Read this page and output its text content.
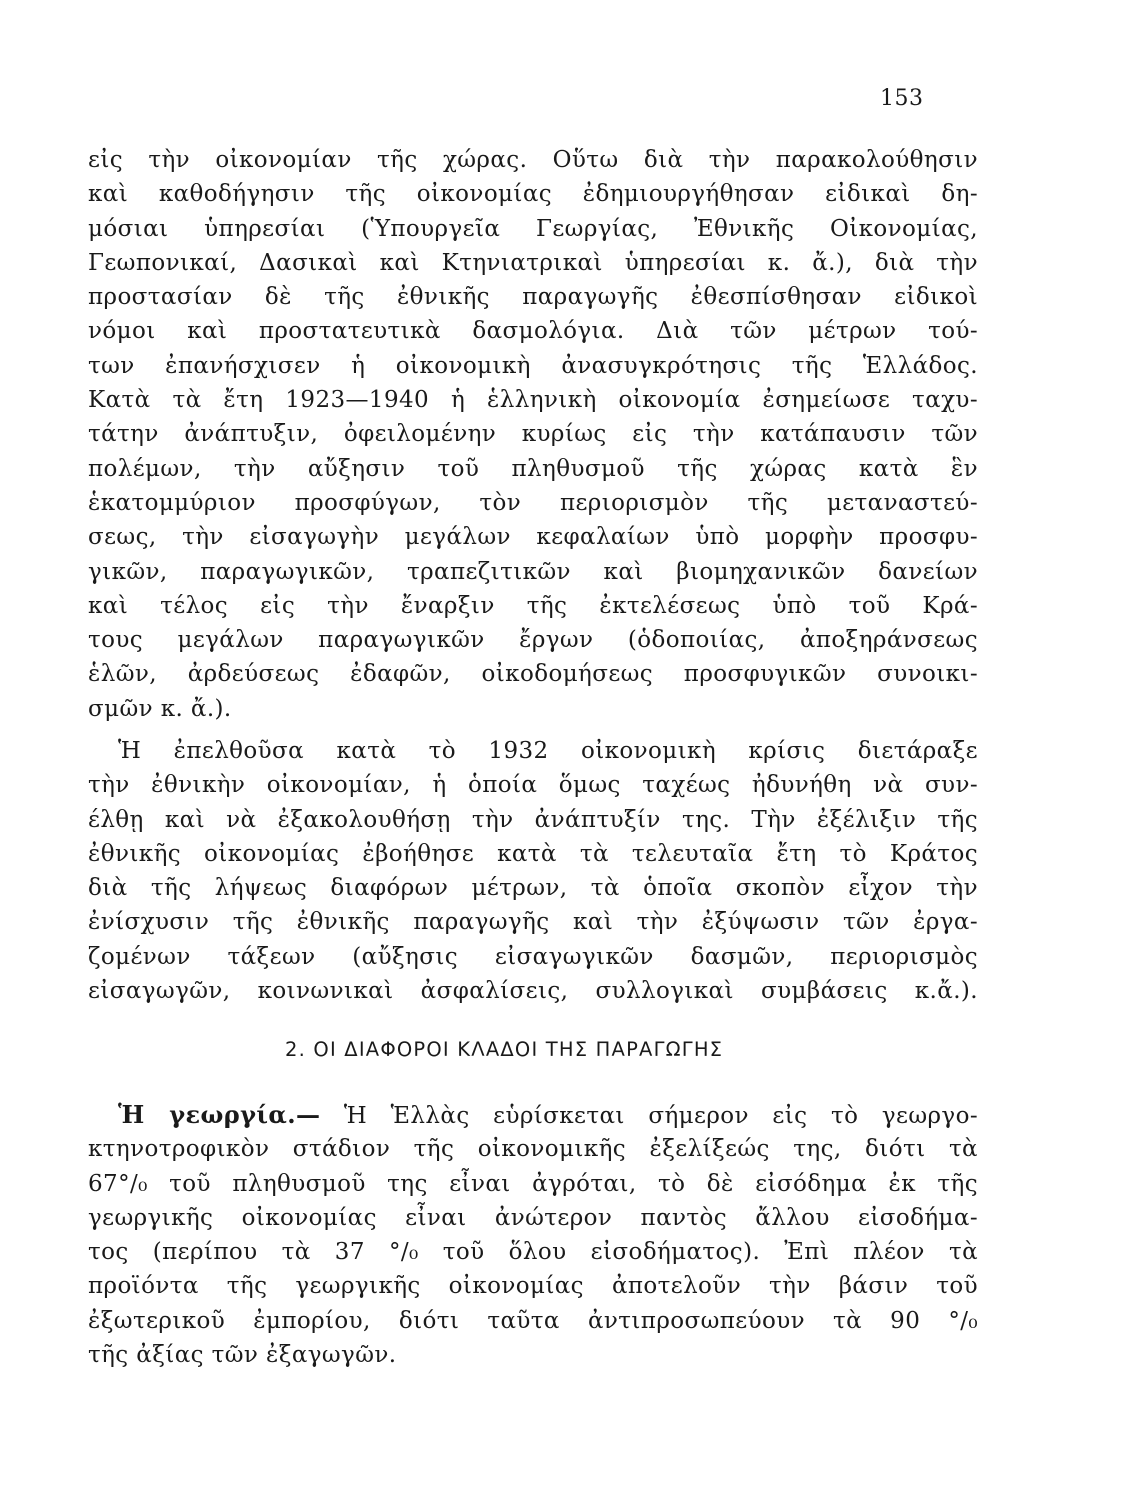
153
εἰς τὴν οἰκονομίαν τῆς χώρας. Οὕτω διὰ τὴν παρακολούθησιν
καὶ καθοδήγησιν τῆς οἰκονομίας ἐδημιουργήθησαν εἰδικαὶ δη-
μόσιαι ὑπηρεσίαι (Ὑπουργεῖα Γεωργίας, Ἐθνικῆς Οἰκονομίας,
Γεωπονικαί, Δασικαὶ καὶ Κτηνιατρικαὶ ὑπηρεσίαι κ. ἄ.), διὰ τὴν
προστασίαν δὲ τῆς ἐθνικῆς παραγωγῆς ἐθεσπίσθησαν εἰδικοὶ
νόμοι καὶ προστατευτικὰ δασμολόγια. Διὰ τῶν μέτρων τού-
των ἐπανήσχισεν ἡ οἰκονομικὴ ἀνασυγκρότησις τῆς Ἑλλάδος.
Κατὰ τὰ ἔτη 1923—1940 ἡ ἑλληνικὴ οἰκονομία ἐσημείωσε ταχυ-
τάτην ἀνάπτυξιν, ὀφειλομένην κυρίως εἰς τὴν κατάπαυσιν τῶν
πολέμων, τὴν αὔξησιν τοῦ πληθυσμοῦ τῆς χώρας κατὰ ἓν
ἑκατομμύριον προσφύγων, τὸν περιορισμὸν τῆς μεταναστεύ-
σεως, τὴν εἰσαγωγὴν μεγάλων κεφαλαίων ὑπὸ μορφὴν προσφυ-
γικῶν, παραγωγικῶν, τραπεζιτικῶν καὶ βιομηχανικῶν δανείων
καὶ τέλος εἰς τὴν ἔναρξιν τῆς ἐκτελέσεως ὑπὸ τοῦ Κρά-
τους μεγάλων παραγωγικῶν ἔργων (ὁδοποιίας, ἀποξηράνσεως
ἑλῶν, ἀρδεύσεως ἐδαφῶν, οἰκοδομήσεως προσφυγικῶν συνοικι-
σμῶν κ. ἄ.).
Ἡ ἐπελθοῦσα κατὰ τὸ 1932 οἰκονομικὴ κρίσις διετάραξε
τὴν ἐθνικὴν οἰκονομίαν, ἡ ὁποία ὅμως ταχέως ἠδυνήθη νὰ συν-
έλθῃ καὶ νὰ ἐξακολουθήσῃ τὴν ἀνάπτυξίν της. Τὴν ἐξέλιξιν τῆς
ἐθνικῆς οἰκονομίας ἐβοήθησε κατὰ τὰ τελευταῖα ἔτη τὸ Κράτος
διὰ τῆς λήψεως διαφόρων μέτρων, τὰ ὁποῖα σκοπὸν εἶχον τὴν
ἐνίσχυσιν τῆς ἐθνικῆς παραγωγῆς καὶ τὴν ἐξύψωσιν τῶν ἐργα-
ζομένων τάξεων (αὔξησις εἰσαγωγικῶν δασμῶν, περιορισμὸς
εἰσαγωγῶν, κοινωνικαὶ ἀσφαλίσεις, συλλογικαὶ συμβάσεις κ.ἄ.).
2. ΟΙ ΔΙΑΦΟΡΟΙ ΚΛΑΔΟΙ ΤΗΣ ΠΑΡΑΓΩΓΗΣ
Ἡ γεωργία.— Ἡ Ἑλλὰς εὑρίσκεται σήμερον εἰς τὸ γεωργο-
κτηνοτροφικὸν στάδιον τῆς οἰκονομικῆς ἐξελίξεώς της, διότι τὰ
67°/₀ τοῦ πληθυσμοῦ της εἶναι ἀγρόται, τὸ δὲ εἰσόδημα ἐκ τῆς
γεωργικῆς οἰκονομίας εἶναι ἀνώτερον παντὸς ἄλλου εἰσοδήμα-
τος (περίπου τὰ 37 °/₀ τοῦ ὅλου εἰσοδήματος). Ἐπὶ πλέον τὰ
προϊόντα τῆς γεωργικῆς οἰκονομίας ἀποτελοῦν τὴν βάσιν τοῦ
ἐξωτερικοῦ ἐμπορίου, διότι ταῦτα ἀντιπροσωπεύουν τὰ 90 °/₀
τῆς ἀξίας τῶν ἐξαγωγῶν.
